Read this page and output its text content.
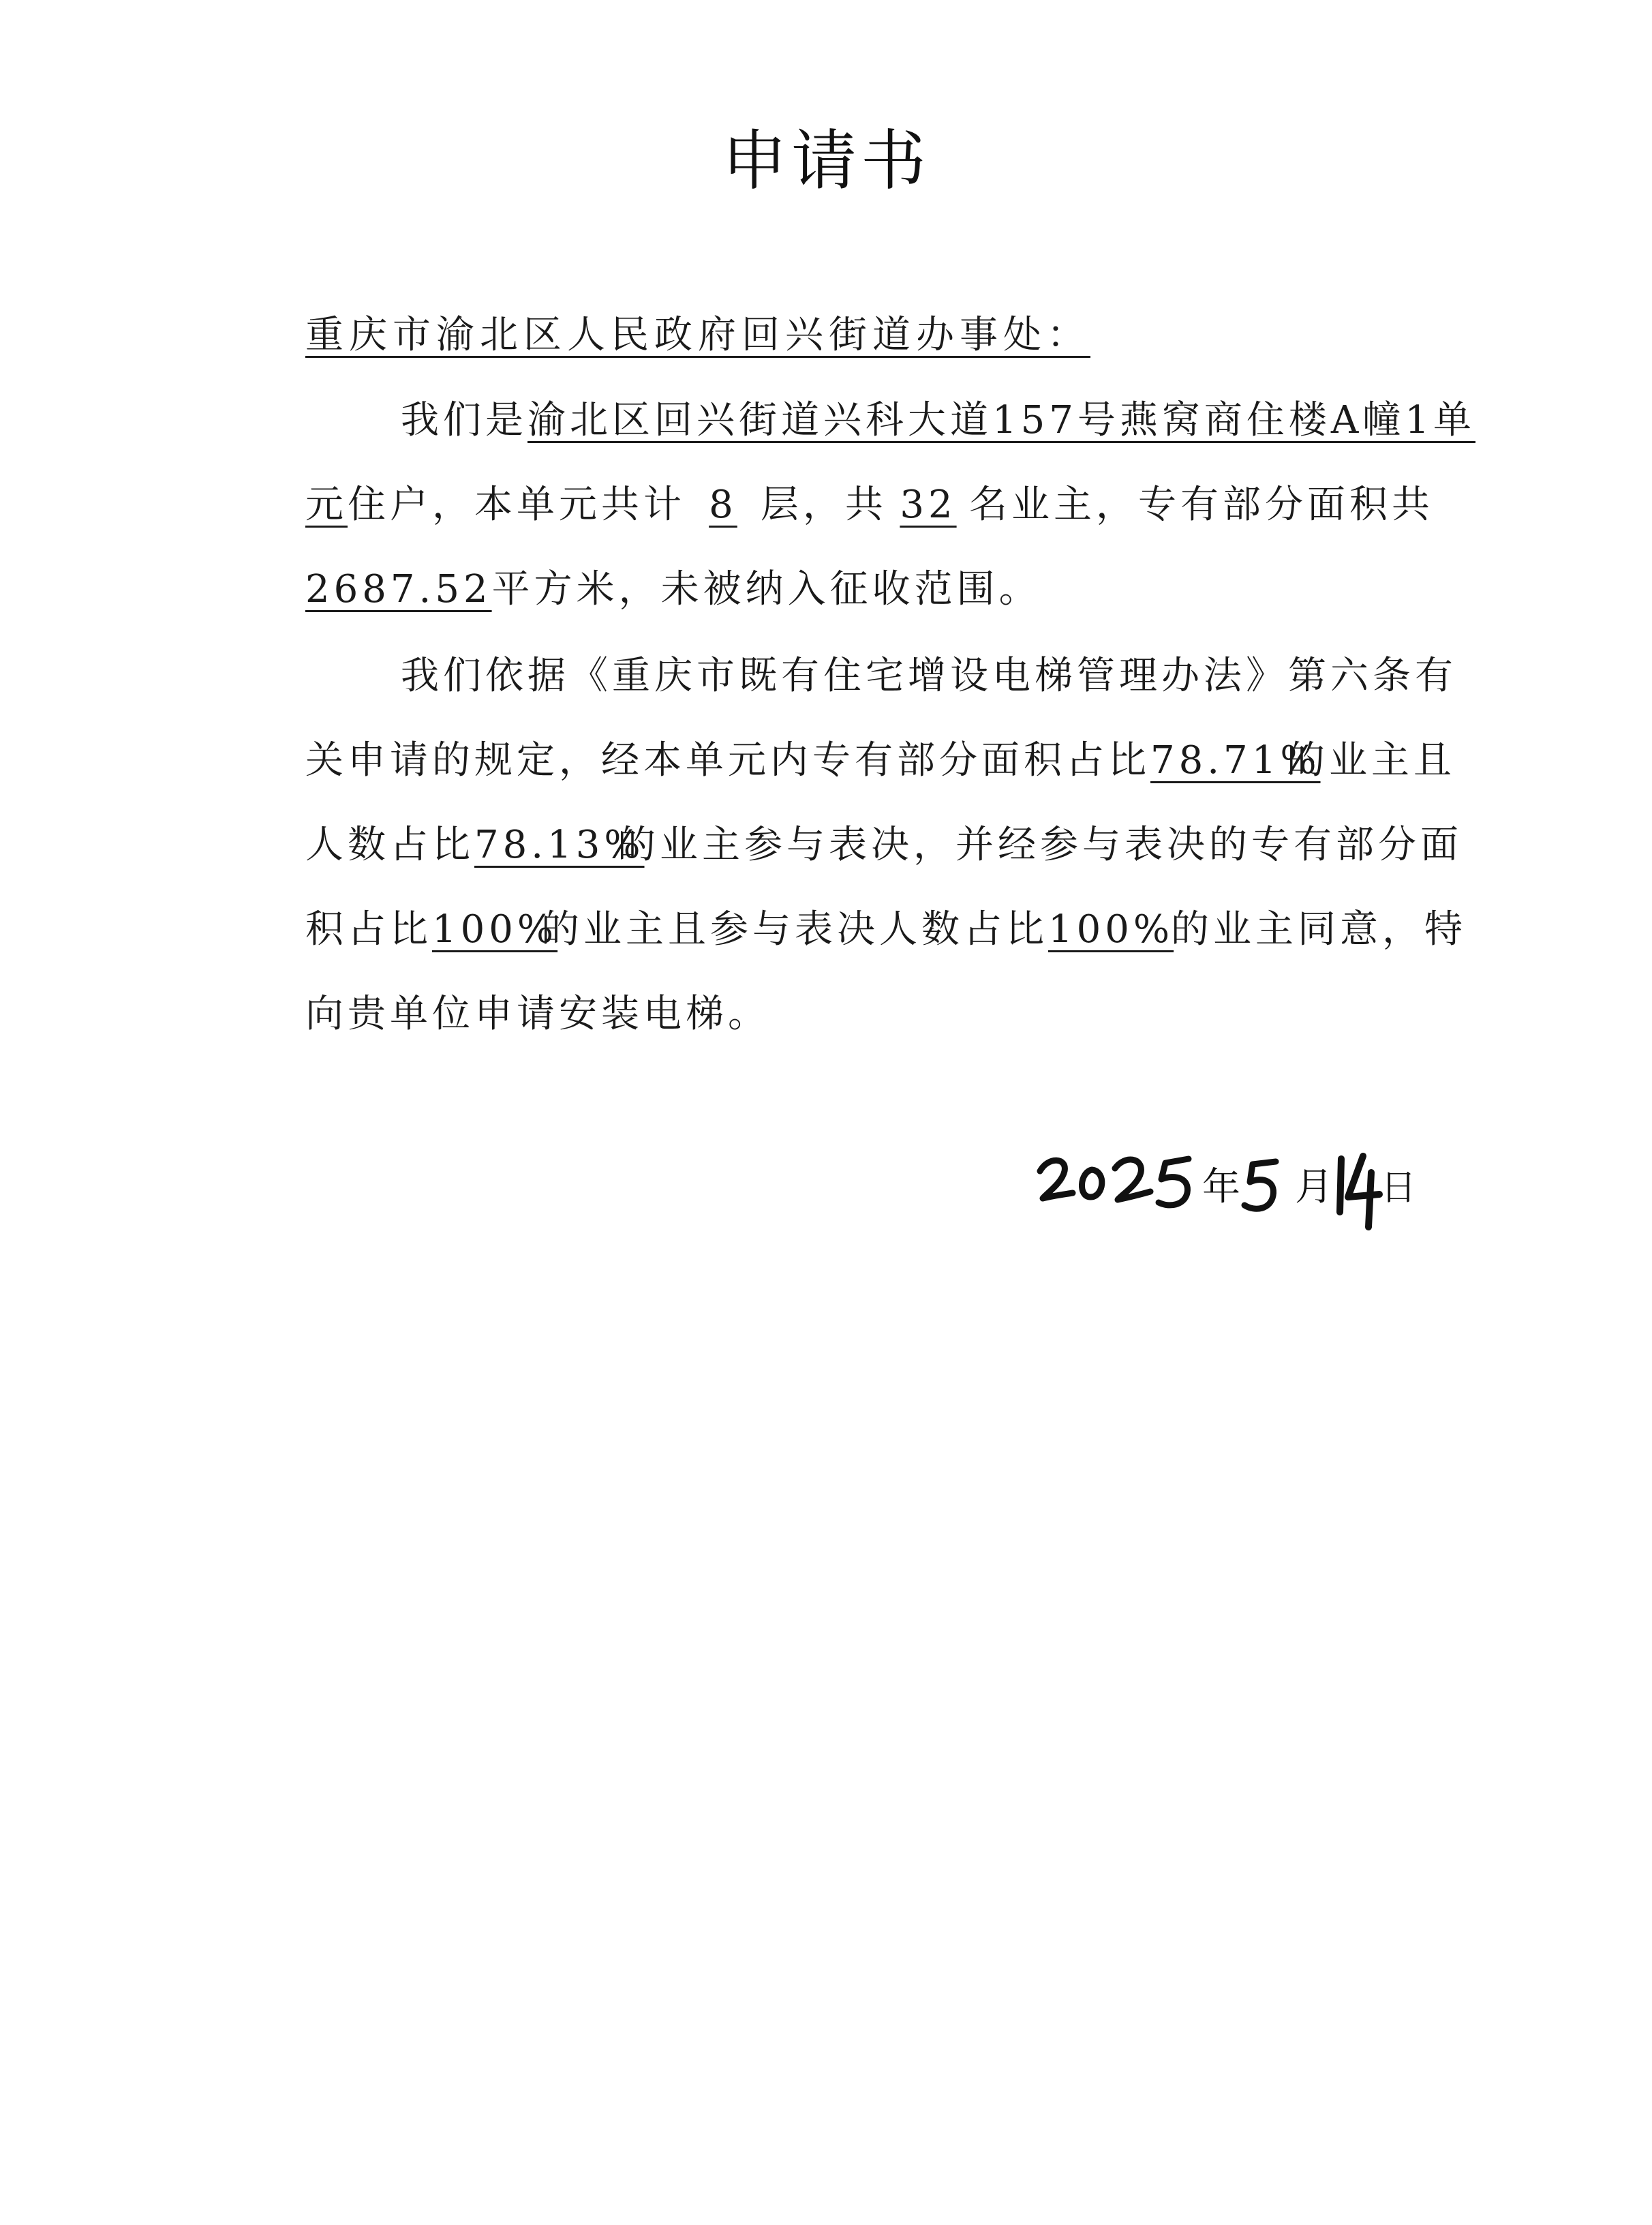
申请书
重庆市渝北区人民政府回兴街道办事处：
我们是渝北区回兴街道兴科大道157号燕窝商住楼A幢1单
元住户，本单元共计 8 层，共 32 名业主，专有部分面积共
2687.52平方米，未被纳入征收范围。
我们依据《重庆市既有住宅增设电梯管理办法》第六条有
关申请的规定，经本单元内专有部分面积占比78.71%的业主且
人数占比78.13%的业主参与表决，并经参与表决的专有部分面
积占比100%的业主且参与表决人数占比100%的业主同意，特
向贵单位申请安装电梯。
年 月 日
